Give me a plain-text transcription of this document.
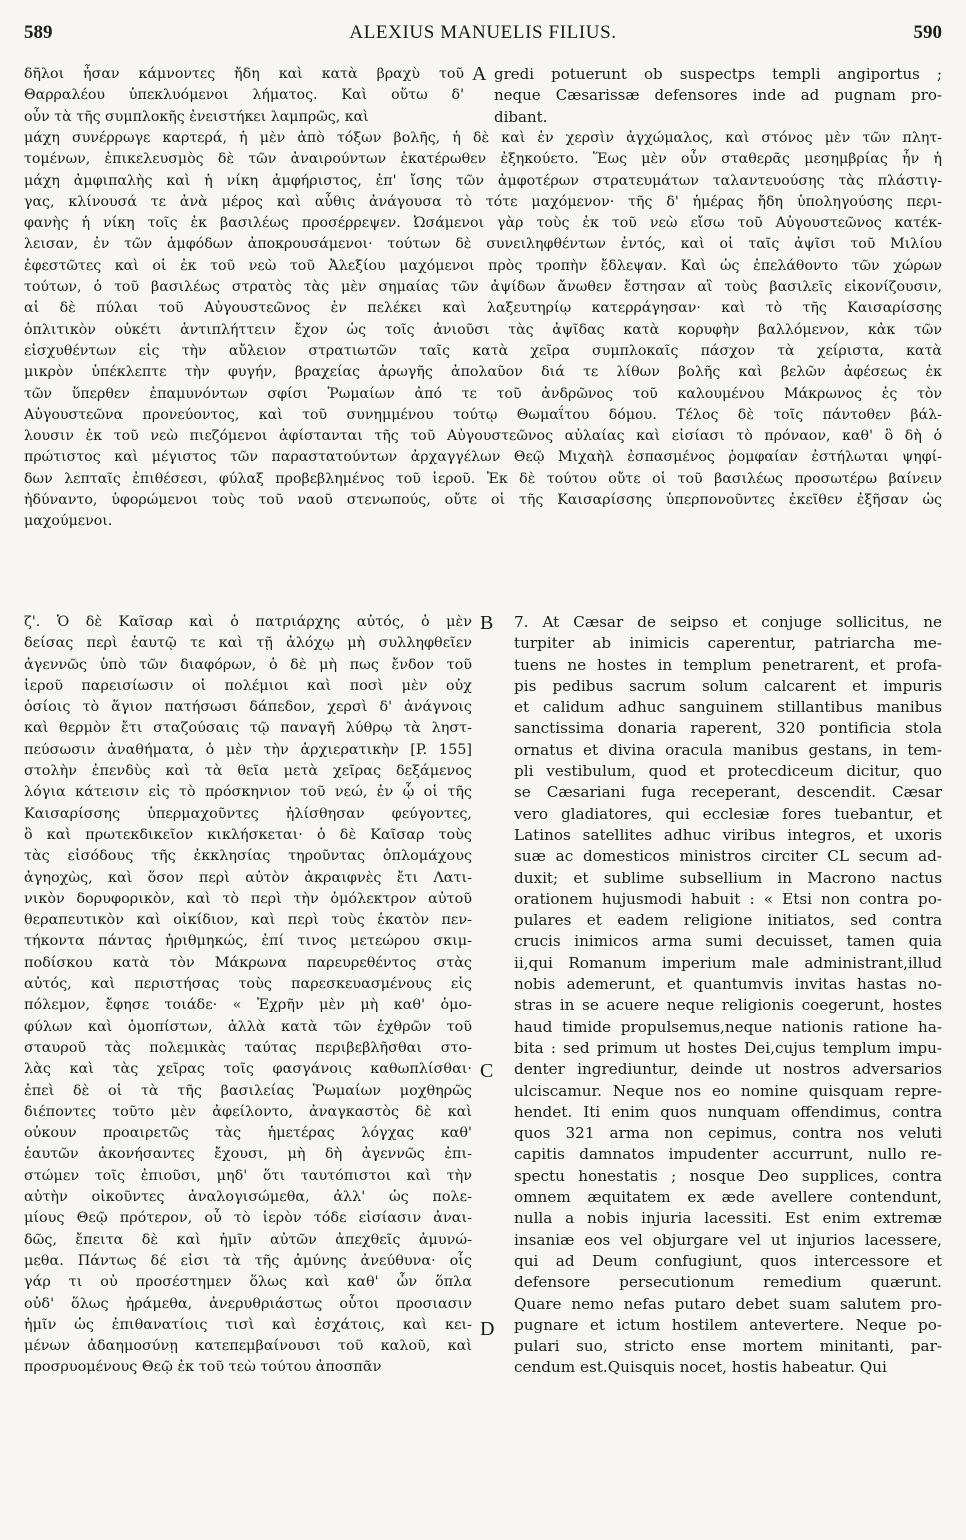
589	ALEXIUS MANUELIS FILIUS.	590
δῆλοι ἦσαν κάμνοντες ἤδη καὶ κατὰ βραχὺ τοῦ
Θαρραλέου ὑπεκλυόμενοι λήματος. Καὶ οὕτω δ'
οὖν τὰ τῆς συμπλοκῆς ἐνειστήκει λαμπρῶς, καὶ
A gredi potuerunt ob suspectps templi angiportus ;
neque Cæsarissæ defensores inde ad pugnam pro-
dibant.
μάχη συνέρρωγε καρτερά, ἡ μὲν ἀπὸ τόξων βολῆς, ἡ δὲ καὶ ἐν χερσὶν ἀγχώμαλος, καὶ στόνος μὲν τῶν πλητ-
τομένων, ἐπικελευσμὸς δὲ τῶν ἀναιρούντων ἑκατέρωθεν ἐξηκούετο. Ἕως μὲν οὖν σταθερᾶς μεσημβρίας ἦν ἡ
μάχη ἀμφιπαλὴς καὶ ἡ νίκη ἀμφήριστος, ἐπ' ἴσης τῶν ἀμφοτέρων στρατευμάτων ταλαντευούσης τὰς πλάστιγ-
γας, κλίνουσά τε ἀνὰ μέρος καὶ αὖθις ἀνάγουσα τὸ τότε μαχόμενον· τῆς δ' ἡμέρας ἤδη ὑποληγούσης περι-
φανὴς ἡ νίκη τοῖς ἐκ βασιλέως προσέρρεψεν. Ὠσάμενοι γὰρ τοὺς ἐκ τοῦ νεὼ εἴσω τοῦ Αὐγουστεῶνος κατέκ-
λεισαν, ἐν τῶν ἀμφόδων ἀποκρουσάμενοι· τούτων δὲ συνειληφθέντων ἐντός, καὶ οἱ ταῖς ἀψῖσι τοῦ Μιλίου
ἐφεστῶτες καὶ οἱ ἐκ τοῦ νεὼ τοῦ Ἀλεξίου μαχόμενοι πρὸς τροπὴν ἔδλεψαν. Καὶ ὡς ἐπελάθοντο τῶν χώρων
τούτων, ὁ τοῦ βασιλέως στρατὸς τὰς μὲν σημαίας τῶν ἀψίδων ἄνωθεν ἔστησαν αἳ τοὺς βασιλεῖς εἰκονίζουσιν,
αἱ δὲ πύλαι τοῦ Αὐγουστεῶνος ἐν πελέκει καὶ λαξευτηρίῳ κατερράγησαν· καὶ τὸ τῆς Καισαρίσσης
ὁπλιτικὸν οὐκέτι ἀντιπλήττειν ἔχον ὡς τοῖς ἀνιοῦσι τὰς ἀψῖδας κατὰ κορυφὴν βαλλόμενον, κἀκ τῶν
εἰσχυθέντων εἰς τὴν αὔλειον στρατιωτῶν ταῖς κατὰ χεῖρα συμπλοκαῖς πάσχον τὰ χείριστα, κατὰ
μικρὸν ὑπέκλεπτε τὴν φυγήν, βραχείας ἀρωγῆς ἀπολαῦον διά τε λίθων βολῆς καὶ βελῶν ἀφέσεως ἐκ
τῶν ὕπερθεν ἐπαμυνόντων σφίσι Ῥωμαίων ἀπό τε τοῦ ἀνδρῶνος τοῦ καλουμένου Μάκρωνος ἐς τὸν
Αὐγουστεῶνα προνεύοντος, καὶ τοῦ συνημμένου τούτῳ Θωμαΐτου δόμου. Τέλος δὲ τοῖς πάντοθεν βάλ-
λουσιν ἐκ τοῦ νεὼ πιεζόμενοι ἀφίστανται τῆς τοῦ Αὐγουστεῶνος αὐλαίας καὶ εἰσίασι τὸ πρόναον, καθ' ὃ δὴ ὁ
πρώτιστος καὶ μέγιστος τῶν παραστατούντων ἀρχαγγέλων Θεῷ Μιχαὴλ ἐσπασμένος ῥομφαίαν ἐστήλωται ψηφί-
δων λεπταῖς ἐπιθέσεσι, φύλαξ προβεβλημένος τοῦ ἱεροῦ. Ἐκ δὲ τούτου οὔτε οἱ τοῦ βασιλέως προσωτέρω βαίνειν
ἠδύναντο, ὑφορώμενοι τοὺς τοῦ ναοῦ στενωπούς, οὔτε οἱ τῆς Καισαρίσσης ὑπερπονοῦντες ἐκεῖθεν ἐξῆσαν ὡς
μαχούμενοι.
ζ'. Ὁ δὲ Καῖσαρ καὶ ὁ πατριάρχης αὐτός, ὁ μὲν
δείσας περὶ ἑαυτῷ τε καὶ τῇ ἀλόχῳ μὴ συλληφθεῖεν
ἀγεννῶς ὑπὸ τῶν διαφόρων, ὁ δὲ μὴ πως ἔνδον τοῦ
ἱεροῦ παρεισίωσιν οἱ πολέμιοι καὶ ποσὶ μὲν οὐχ
ὁσίοις τὸ ἅγιον πατήσωσι δάπεδον, χερσὶ δ' ἀνάγνοις
καὶ θερμὸν ἔτι σταζούσαις τῷ παναγῆ λύθρῳ τὰ ληστ-
πεύσωσιν ἀναθήματα, ὁ μὲν τὴν ἀρχιερατικὴν [P. 155]
στολὴν ἐπενδὺς καὶ τὰ θεῖα μετὰ χεῖρας δεξάμενος
λόγια κάτεισιν εἰς τὸ πρόσκηνιον τοῦ νεώ, ἐν ᾧ οἱ τῆς
Καισαρίσσης ὑπερμαχοῦντες ἠλίσθησαν φεύγοντες,
ὃ καὶ πρωτεκδικεῖον κικλήσκεται· ὁ δὲ Καῖσαρ τοὺς
τὰς εἰσόδους τῆς ἐκκλησίας τηροῦντας ὁπλομάχους
ἀγηοχὼς, καὶ ὅσον περὶ αὐτὸν ἀκραιφνὲς ἔτι Λατι-
νικὸν δορυφορικὸν, καὶ τὸ περὶ τὴν ὁμόλεκτρον αὐτοῦ
θεραπευτικὸν καὶ οἰκίδιον, καὶ περὶ τοὺς ἑκατὸν πεν-
τήκοντα πάντας ἠριθμηκώς, ἐπί τινος μετεώρου σκιμ-
ποδίσκου κατὰ τὸν Μάκρωνα παρευρεθέντος στὰς
αὐτός, καὶ περιστήσας τοὺς παρεσκευασμένους εἰς
πόλεμον, ἔφησε τοιάδε· « Ἐχρῆν μὲν μὴ καθ' ὁμο-
φύλων καὶ ὁμοπίστων, ἀλλὰ κατὰ τῶν ἐχθρῶν τοῦ
σταυροῦ τὰς πολεμικὰς ταύτας περιβεβλῆσθαι στο-
λὰς καὶ τὰς χεῖρας τοῖς φασγάνοις καθωπλίσθαι·
ἐπεὶ δὲ οἱ τὰ τῆς βασιλείας Ῥωμαίων μοχθηρῶς
διέποντες τοῦτο μὲν ἀφείλοντο, ἀναγκαστὸς δὲ καὶ
οὐκουν προαιρετῶς τὰς ἡμετέρας λόγχας καθ'
ἑαυτῶν ἀκονήσαντες ἔχουσι, μὴ δὴ ἀγεννῶς ἐπι-
στώμεν τοῖς ἐπιοῦσι, μηδ' ὅτι ταυτόπιστοι καὶ τὴν
αὐτὴν οἰκοῦντες ἀναλογισώμεθα, ἀλλ' ὡς πολε-
μίους Θεῷ πρότερον, οὗ τὸ ἱερὸν τόδε εἰσίασιν ἀναι-
δῶς, ἔπειτα δὲ καὶ ἡμῖν αὐτῶν ἀπεχθεῖς ἀμυνώ-
μεθα. Πάντως δέ εἰσι τὰ τῆς ἀμύνης ἀνεύθυνα· οἷς
γάρ τι οὐ προσέστημεν ὅλως καὶ καθ' ὧν ὅπλα
οὐδ' ὅλως ἠράμεθα, ἀνερυθριάστως οὗτοι προσιασιν
ἡμῖν ὡς ἐπιθανατίοις τισὶ καὶ ἐσχάτοις, καὶ κει-
μένων ἀδαημοσύνῃ κατεπεμβαίνουσι τοῦ καλοῦ, καὶ
προσρυομένους Θεῷ ἐκ τοῦ τεὼ τούτου ἀποσπᾶν
B
C
D
7. At Cæsar de seipso et conjuge sollicitus, ne
turpiter ab inimicis caperentur, patriarcha me-
tuens ne hostes in templum penetrarent, et profa-
pis pedibus sacrum solum calcarent et impuris
et calidum adhuc sanguinem stillantibus manibus
sanctissima donaria raperent, 320 pontificia stola
ornatus et divina oracula manibus gestans, in tem-
pli vestibulum, quod et protecdiceum dicitur, quo
se Cæsariani fuga receperant, descendit. Cæsar
vero gladiatores, qui ecclesiæ fores tuebantur, et
Latinos satellites adhuc viribus integros, et uxoris
suæ ac domesticos ministros circiter CL secum ad-
duxit; et sublime subsellium in Macrono nactus
orationem hujusmodi habuit : « Etsi non contra po-
pulares et eadem religione initiatos, sed contra
crucis inimicos arma sumi decuisset, tamen quia
ii,qui Romanum imperium male administrant,illud
nobis ademerunt, et quantumvis invitas hastas no-
stras in se acuere neque religionis coegerunt, hostes
haud timide propulsemus,neque nationis ratione ha-
bita : sed primum ut hostes Dei,cujus templum impu-
denter ingrediuntur, deinde ut nostros adversarios
ulciscamur. Neque nos eo nomine quisquam repre-
hendet. Iti enim quos nunquam offendimus, contra
quos 321 arma non cepimus, contra nos veluti
capitis damnatos impudenter accurrunt, nullo re-
spectu honestatis ; nosque Deo supplices, contra
omnem æquitatem ex æde avellere contendunt,
nulla a nobis injuria lacessiti. Est enim extremæ
insaniæ eos vel objurgare vel ut injurios lacessere,
qui ad Deum confugiunt, quos intercessore et
defensore persecutionum remedium quærunt.
Quare nemo nefas putaro debet suam salutem pro-
pugnare et ictum hostilem antevertere. Neque po-
pulari suo, stricto ense mortem minitanti, par-
cendum est.Quisquis nocet, hostis habeatur. Qui
